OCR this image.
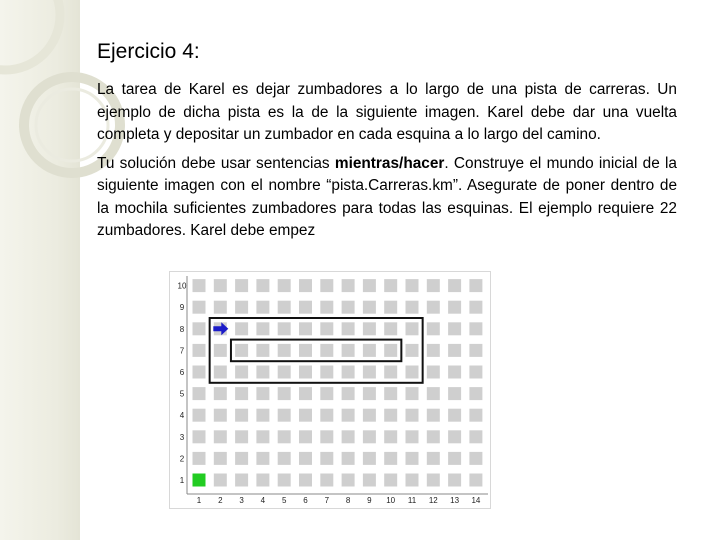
Ejercicio 4:

La tarea de Karel es dejar zumbadores a lo largo de una pista de carreras. Un ejemplo de dicha pista es la de la siguiente imagen. Karel debe dar una vuelta completa y depositar un zumbador en cada esquina a lo largo del camino.

Tu solución debe usar sentencias mientras/hacer. Construye el mundo inicial de la siguiente imagen con el nombre “pista.Carreras.km”. Asegurate de poner dentro de la mochila suficientes zumbadores para todas las esquinas. El ejemplo requiere 22 zumbadores. Karel debe empez

1 2 3 4 5 6 7 8 9 10 11 12 13 14
1
2
3
4
5
6
7
8
9
10
